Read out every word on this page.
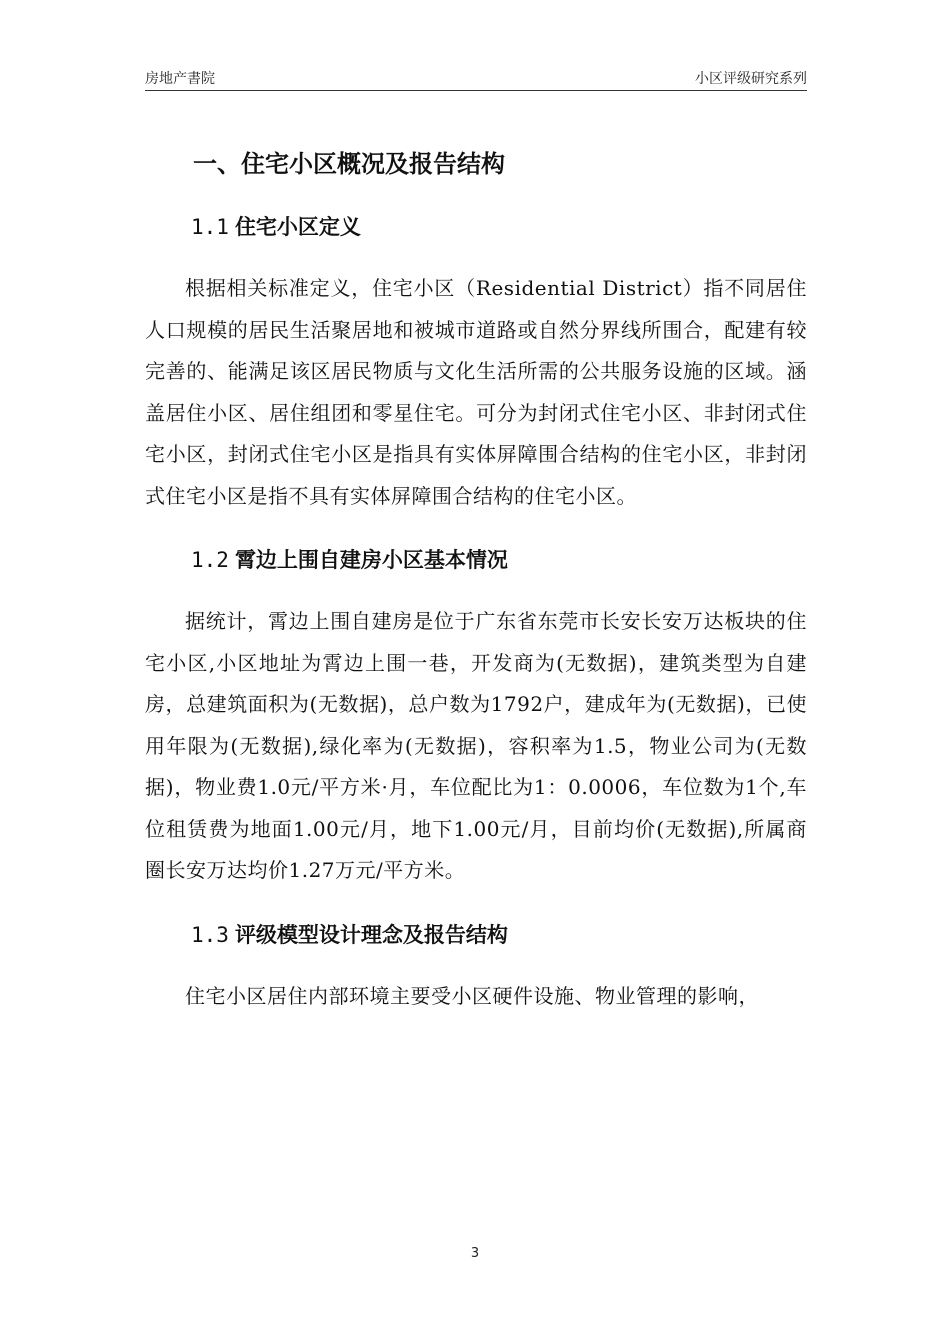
房地产書院	小区评级研究系列
一、住宅小区概况及报告结构
1.1 住宅小区定义

根据相关标准定义，住宅小区（Residential District）指不同居住人口规模的居民生活聚居地和被城市道路或自然分界线所围合，配建有较完善的、能满足该区居民物质与文化生活所需的公共服务设施的区域。涵盖居住小区、居住组团和零星住宅。可分为封闭式住宅小区、非封闭式住宅小区，封闭式住宅小区是指具有实体屏障围合结构的住宅小区，非封闭式住宅小区是指不具有实体屏障围合结构的住宅小区。

1.2 霄边上围自建房小区基本情况

据统计，霄边上围自建房是位于广东省东莞市长安长安万达板块的住宅小区,小区地址为霄边上围一巷，开发商为(无数据)，建筑类型为自建房，总建筑面积为(无数据)，总户数为1792户，建成年为(无数据)，已使用年限为(无数据),绿化率为(无数据)，容积率为1.5，物业公司为(无数据)，物业费1.0元/平方米·月，车位配比为1：0.0006，车位数为1个,车位租赁费为地面1.00元/月，地下1.00元/月，目前均价(无数据),所属商圈长安万达均价1.27万元/平方米。

1.3 评级模型设计理念及报告结构

住宅小区居住内部环境主要受小区硬件设施、物业管理的影响，

3
